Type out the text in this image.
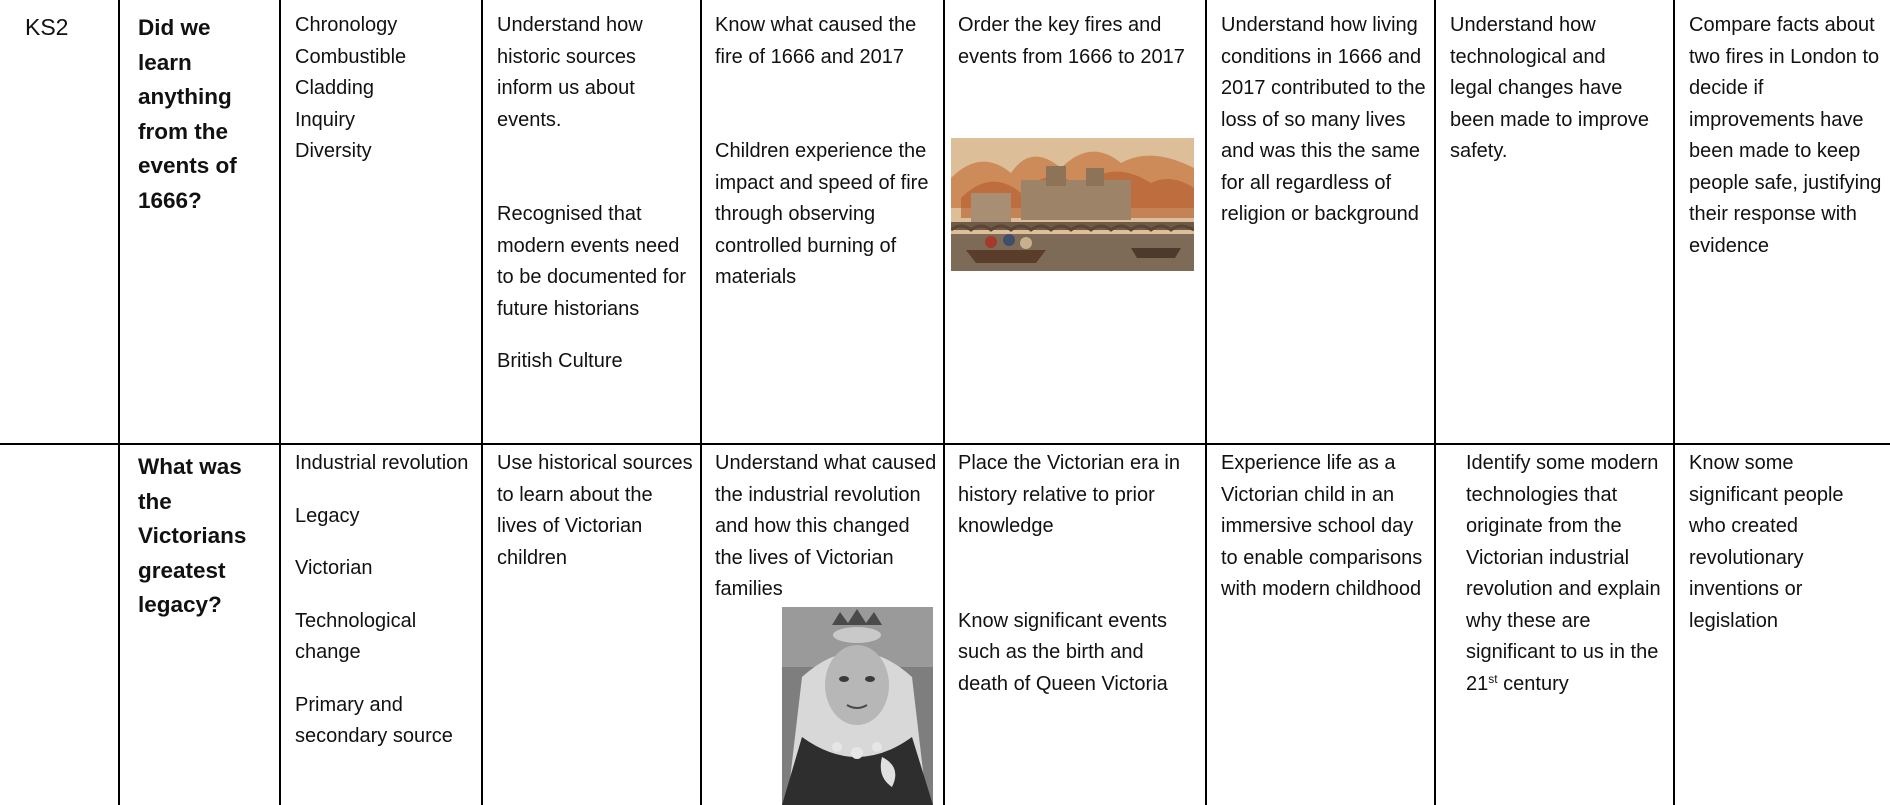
KS2	Did we learn anything from the events of 1666?

Chronology

Combustible

Cladding

Inquiry

Diversity

Understand how historic sources inform us about events.

Recognised that modern events need to be documented for future historians

British Culture

Know what caused the fire of 1666 and 2017

Children experience the impact and speed of fire through observing controlled burning of materials

Order the key fires and events from 1666 to 2017

Understand how living conditions in 1666 and 2017 contributed to the loss of so many lives and was this the same for all regardless of religion or background
Understand how technological and legal changes have been made to improve safety.
Compare facts about two fires in London to decide if improvements have been made to keep people safe, justifying their response with evidence
What was the Victorians greatest legacy?

Industrial revolution

Legacy

Victorian

Technological change

Primary and secondary source

Use historical sources to learn about the lives of Victorian children

Understand what caused the industrial revolution and how this changed the lives of Victorian families

Place the Victorian era in history relative to prior knowledge

Know significant events such as the birth and death of Queen Victoria

Experience life as a Victorian child in an immersive school day to enable comparisons with modern childhood
Identify some modern technologies that originate from the Victorian industrial revolution and explain why these are significant to us in the 21st century
Know some significant people who created revolutionary inventions or legislation
